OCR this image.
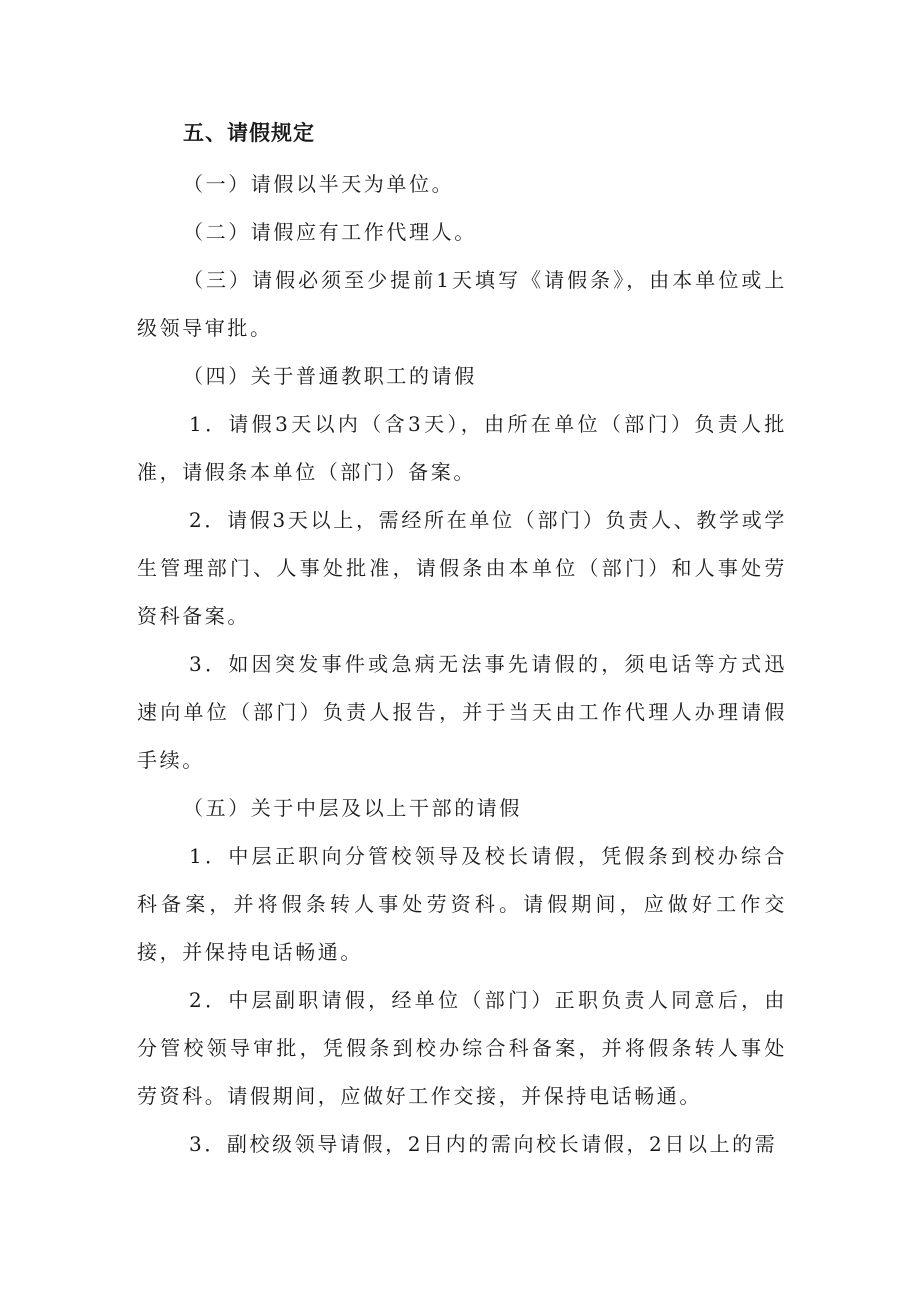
五、请假规定

（一）请假以半天为单位。

（二）请假应有工作代理人。

（三）请假必须至少提前1天填写《请假条》，由本单位或上级领导审批。

（四）关于普通教职工的请假

1．请假3天以内（含3天），由所在单位（部门）负责人批准，请假条本单位（部门）备案。

2．请假3天以上，需经所在单位（部门）负责人、教学或学生管理部门、人事处批准，请假条由本单位（部门）和人事处劳资科备案。

3．如因突发事件或急病无法事先请假的，须电话等方式迅速向单位（部门）负责人报告，并于当天由工作代理人办理请假手续。

（五）关于中层及以上干部的请假

1．中层正职向分管校领导及校长请假，凭假条到校办综合科备案，并将假条转人事处劳资科。请假期间，应做好工作交接，并保持电话畅通。

2．中层副职请假，经单位（部门）正职负责人同意后，由分管校领导审批，凭假条到校办综合科备案，并将假条转人事处劳资科。请假期间，应做好工作交接，并保持电话畅通。

3．副校级领导请假，2日内的需向校长请假，2日以上的需
